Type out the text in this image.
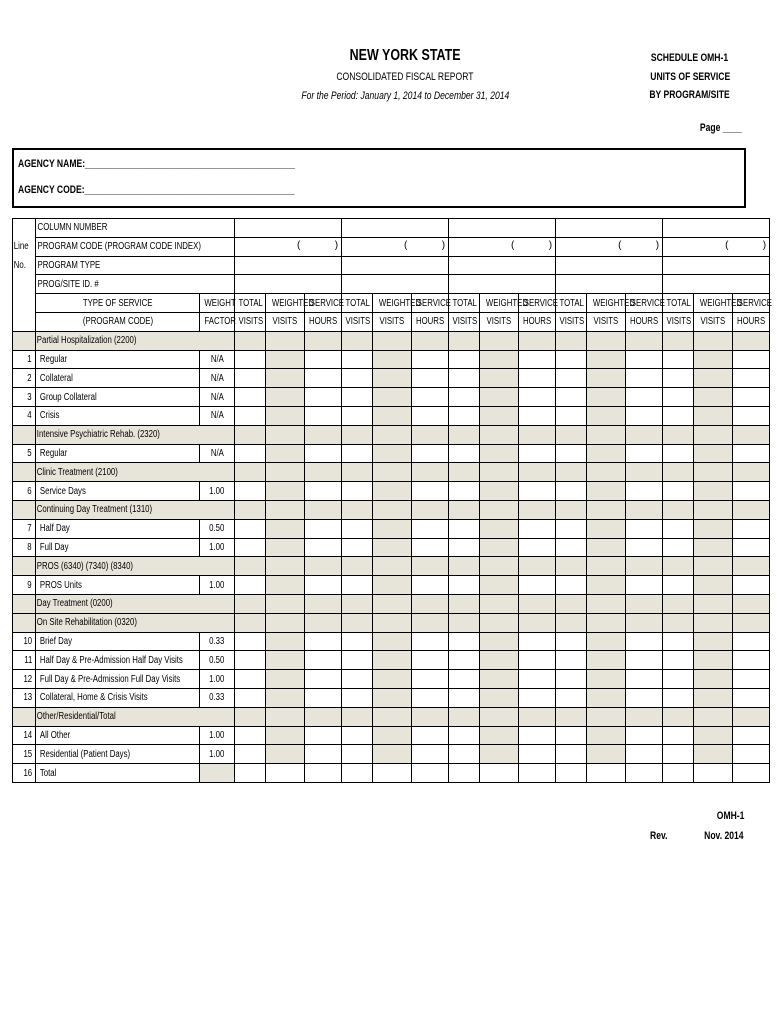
NEW YORK STATE
CONSOLIDATED FISCAL REPORT
For the Period: January 1, 2014 to December 31, 2014
SCHEDULE OMH-1
UNITS OF SERVICE
BY PROGRAM/SITE
Page ____
AGENCY NAME:____________________________________________
AGENCY CODE:____________________________________________
	COLUMN NUMBER																
Line	PROGRAM CODE (PROGRAM CODE INDEX)		( )			( )			( )			( )			( )		

No.	PROGRAM TYPE																
	PROG/SITE ID. #																
	TYPE OF SERVICE	WEIGHT	TOTAL	WEIGHTED	SERVICE	TOTAL	WEIGHTED	SERVICE	TOTAL	WEIGHTED	SERVICE	TOTAL	WEIGHTED	SERVICE	TOTAL	WEIGHTED	SERVICE
	(PROGRAM CODE)	FACTOR	VISITS	VISITS	HOURS	VISITS	VISITS	HOURS	VISITS	VISITS	HOURS	VISITS	VISITS	HOURS	VISITS	VISITS	HOURS
	Partial Hospitalization (2200)																
1	Regular	N/A															
2	Collateral	N/A															
3	Group Collateral	N/A															
4	Crisis	N/A															
	Intensive Psychiatric Rehab. (2320)																
5	Regular	N/A															
	Clinic Treatment (2100)																
6	Service Days	1.00															
	Continuing Day Treatment (1310)																
7	Half Day	0.50															
8	Full Day	1.00															
	PROS (6340) (7340) (8340)																
9	PROS Units	1.00															
	Day Treatment (0200)																
	On Site Rehabilitation (0320)																
10	Brief Day	0.33															
11	Half Day & Pre-Admission Half Day Visits	0.50															
12	Full Day & Pre-Admission Full Day Visits	1.00															
13	Collateral, Home & Crisis Visits	0.33															
	Other/Residential/Total																
14	All Other	1.00															
15	Residential (Patient Days)	1.00															
16	Total																
OMH-1
Rev.	Nov. 2014
